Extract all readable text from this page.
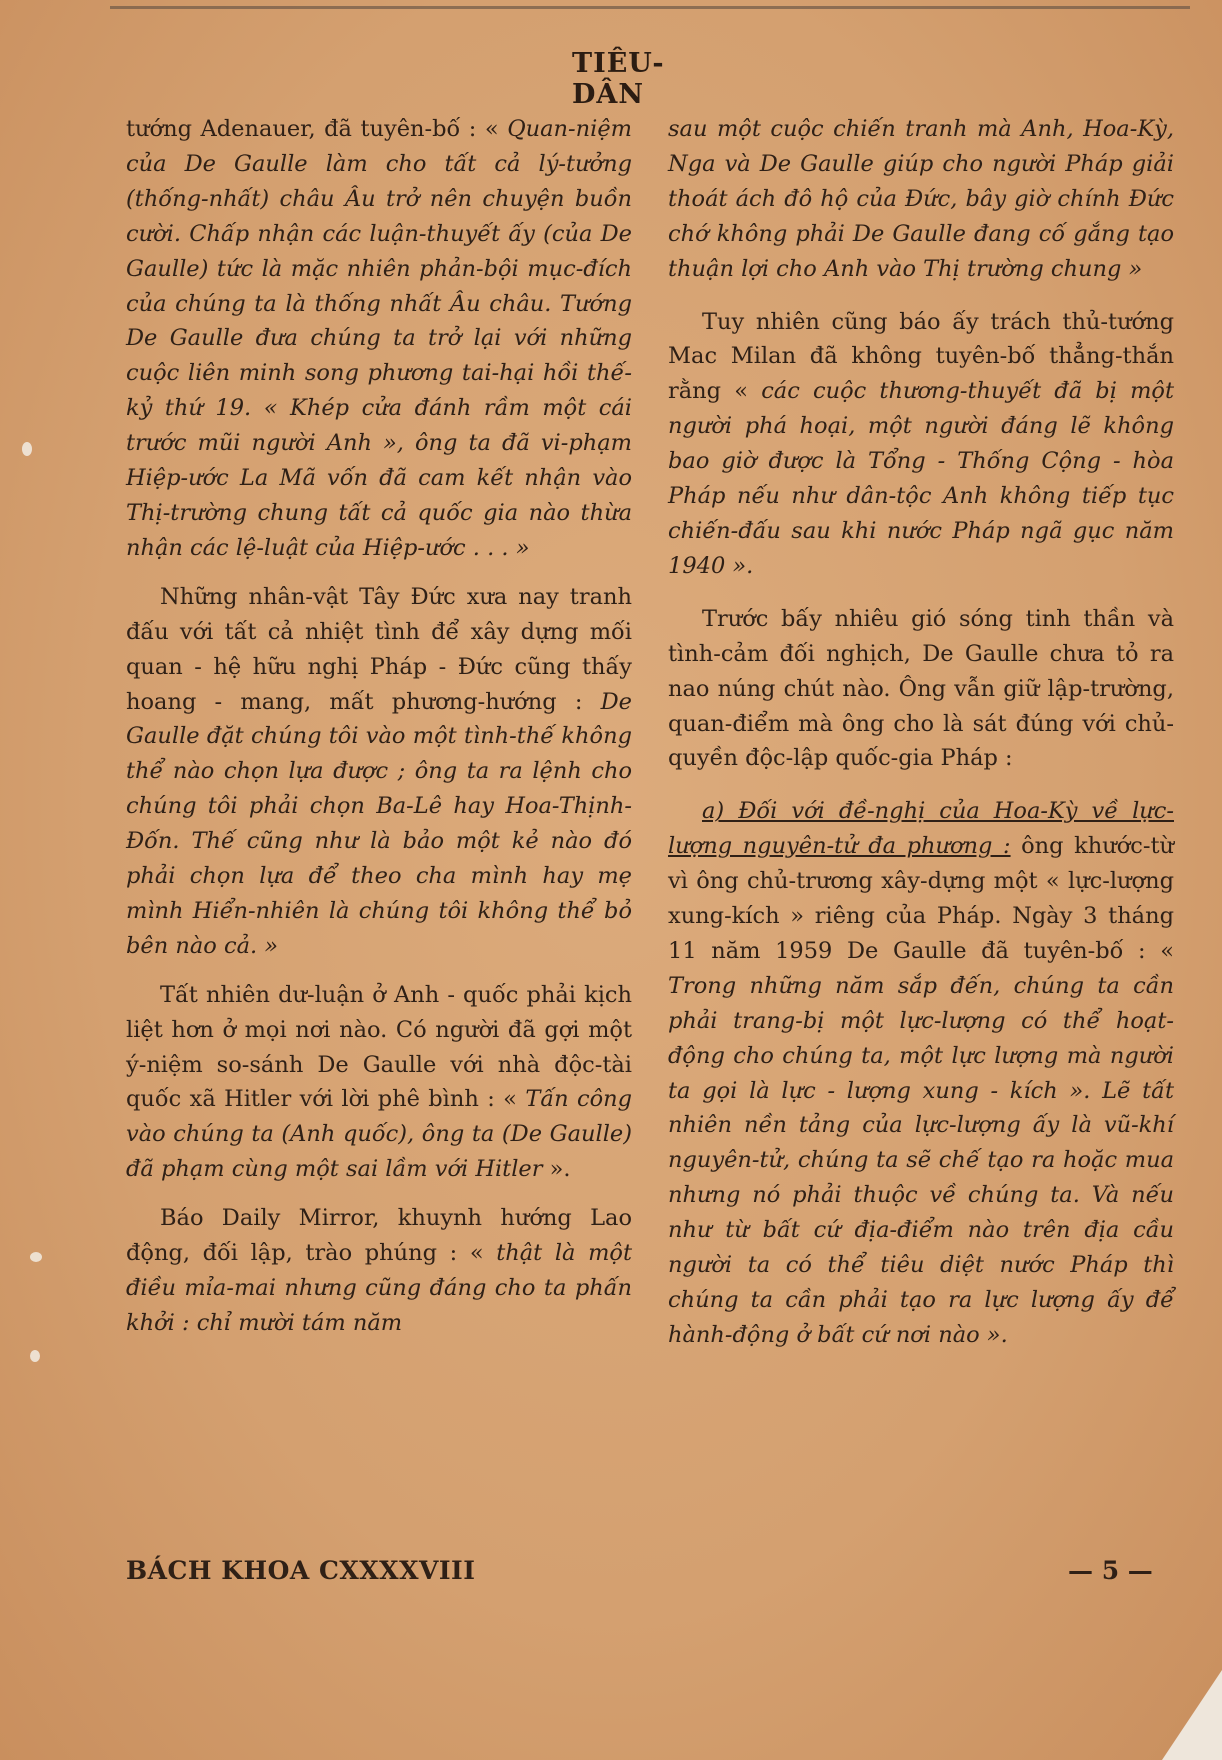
TIÊU-DÂN

tướng Adenauer, đã tuyên-bố : « Quan-niệm của De Gaulle làm cho tất cả lý-tưởng (thống-nhất) châu Âu trở nên chuyện buồn cười. Chấp nhận các luận-thuyết ấy (của De Gaulle) tức là mặc nhiên phản-bội mục-đích của chúng ta là thống nhất Âu châu. Tướng De Gaulle đưa chúng ta trở lại với những cuộc liên minh song phương tai-hại hồi thế-kỷ thứ 19. « Khép cửa đánh rầm một cái trước mũi người Anh », ông ta đã vi-phạm Hiệp-ước La Mã vốn đã cam kết nhận vào Thị-trường chung tất cả quốc gia nào thừa nhận các lệ-luật của Hiệp-ước . . . »

Những nhân-vật Tây Đức xưa nay tranh đấu với tất cả nhiệt tình để xây dựng mối quan - hệ hữu nghị Pháp - Đức cũng thấy hoang - mang, mất phương-hướng : De Gaulle đặt chúng tôi vào một tình-thế không thể nào chọn lựa được ; ông ta ra lệnh cho chúng tôi phải chọn Ba-Lê hay Hoa-Thịnh-Đốn. Thế cũng như là bảo một kẻ nào đó phải chọn lựa để theo cha mình hay mẹ mình Hiển-nhiên là chúng tôi không thể bỏ bên nào cả. »

Tất nhiên dư-luận ở Anh - quốc phải kịch liệt hơn ở mọi nơi nào. Có người đã gợi một ý-niệm so-sánh De Gaulle với nhà độc-tài quốc xã Hitler với lời phê bình : « Tấn công vào chúng ta (Anh quốc), ông ta (De Gaulle) đã phạm cùng một sai lầm với Hitler ».

Báo Daily Mirror, khuynh hướng Lao động, đối lập, trào phúng : « thật là một điều mỉa-mai nhưng cũng đáng cho ta phấn khởi : chỉ mười tám năm

sau một cuộc chiến tranh mà Anh, Hoa-Kỳ, Nga và De Gaulle giúp cho người Pháp giải thoát ách đô hộ của Đức, bây giờ chính Đức chớ không phải De Gaulle đang cố gắng tạo thuận lợi cho Anh vào Thị trường chung »

Tuy nhiên cũng báo ấy trách thủ-tướng Mac Milan đã không tuyên-bố thẳng-thắn rằng « các cuộc thương-thuyết đã bị một người phá hoại, một người đáng lẽ không bao giờ được là Tổng - Thống Cộng - hòa Pháp nếu như dân-tộc Anh không tiếp tục chiến-đấu sau khi nước Pháp ngã gục năm 1940 ».

Trước bấy nhiêu gió sóng tinh thần và tình-cảm đối nghịch, De Gaulle chưa tỏ ra nao núng chút nào. Ông vẫn giữ lập-trường, quan-điểm mà ông cho là sát đúng với chủ-quyền độc-lập quốc-gia Pháp :

a) Đối với đề-nghị của Hoa-Kỳ về lực-lượng nguyên-tử đa phương : ông khước-từ vì ông chủ-trương xây-dựng một « lực-lượng xung-kích » riêng của Pháp. Ngày 3 tháng 11 năm 1959 De Gaulle đã tuyên-bố : « Trong những năm sắp đến, chúng ta cần phải trang-bị một lực-lượng có thể hoạt-động cho chúng ta, một lực lượng mà người ta gọi là lực - lượng xung - kích ». Lẽ tất nhiên nền tảng của lực-lượng ấy là vũ-khí nguyên-tử, chúng ta sẽ chế tạo ra hoặc mua nhưng nó phải thuộc về chúng ta. Và nếu như từ bất cứ địa-điểm nào trên địa cầu người ta có thể tiêu diệt nước Pháp thì chúng ta cần phải tạo ra lực lượng ấy để hành-động ở bất cứ nơi nào ».

BÁCH KHOA CXXXXVIII	— 5 —
